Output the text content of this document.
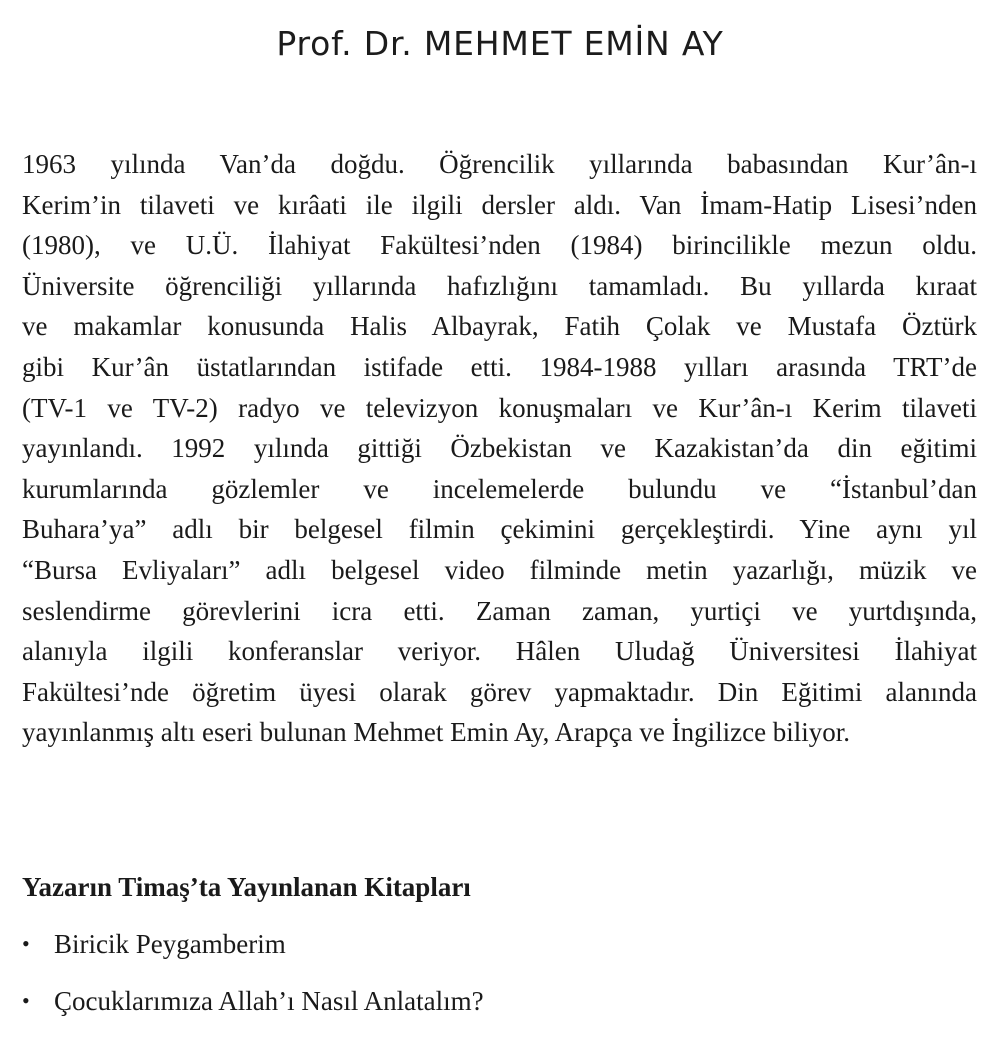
Prof. Dr. MEHMET EMİN AY
1963 yılında Van’da doğdu. Öğrencilik yıllarında babasından Kur’ân-ı
Kerim’in tilaveti ve kırâati ile ilgili dersler aldı. Van İmam-Hatip Lisesi’nden
(1980), ve U.Ü. İlahiyat Fakültesi’nden (1984) birincilikle mezun oldu.
Üniversite öğrenciliği yıllarında hafızlığını tamamladı. Bu yıllarda kıraat
ve makamlar konusunda Halis Albayrak, Fatih Çolak ve Mustafa Öztürk
gibi Kur’ân üstatlarından istifade etti. 1984-1988 yılları arasında TRT’de
(TV-1 ve TV-2) radyo ve televizyon konuşmaları ve Kur’ân-ı Kerim tilaveti
yayınlandı. 1992 yılında gittiği Özbekistan ve Kazakistan’da din eğitimi
kurumlarında gözlemler ve incelemelerde bulundu ve “İstanbul’dan
Buhara’ya” adlı bir belgesel filmin çekimini gerçekleştirdi. Yine aynı yıl
“Bursa Evliyaları” adlı belgesel video filminde metin yazarlığı, müzik ve
seslendirme görevlerini icra etti. Zaman zaman, yurtiçi ve yurtdışında,
alanıyla ilgili konferanslar veriyor. Hâlen Uludağ Üniversitesi İlahiyat
Fakültesi’nde öğretim üyesi olarak görev yapmaktadır. Din Eğitimi alanında
yayınlanmış altı eseri bulunan Mehmet Emin Ay, Arapça ve İngilizce biliyor.
Yazarın Timaş’ta Yayınlanan Kitapları
• Biricik Peygamberim
• Çocuklarımıza Allah’ı Nasıl Anlatalım?
